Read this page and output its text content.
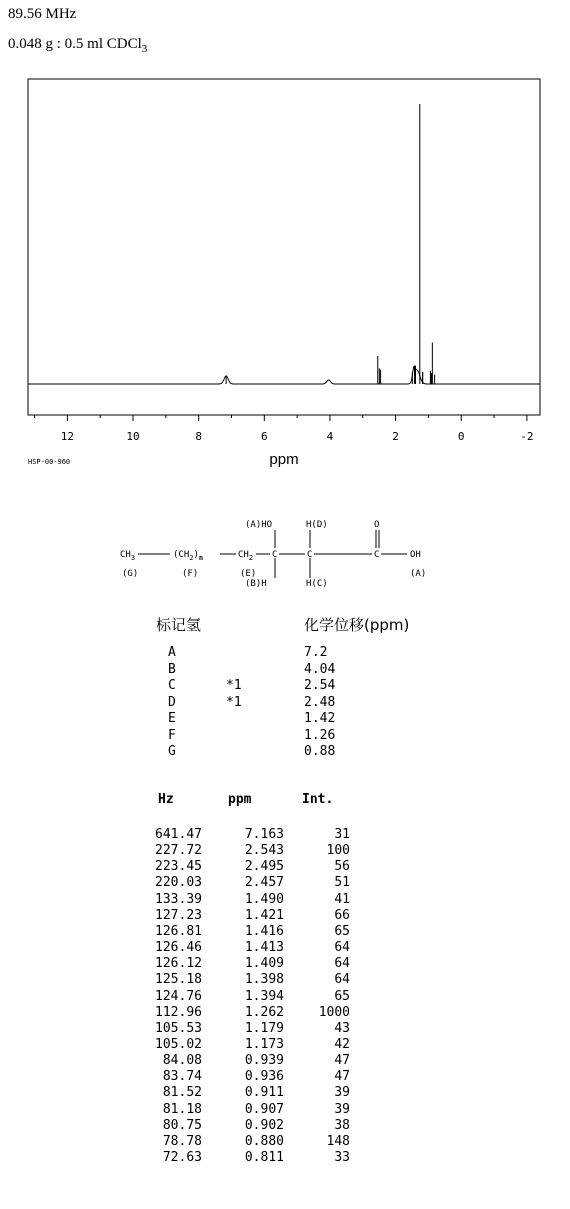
89.56 MHz
0.048 g : 0.5 ml CDCl$_3$
12	10	8	6	4	2	0	-2
ppm
HSP-00-960
(A)HO	H(D)	O
$CH_3$	$(CH_2)_n$	$CH_2$ C	C	C	OH
(G)	(F)	(E)	(A)
(B)H	H(C)
标记氢	化学位移(ppm)
A	7.2
B	4.04
C	*1	2.54
D	*1	2.48
E	1.42
F	1.26
G	0.88
Hz	ppm	Int.
641.47	7.163	31
227.72	2.543	100
223.45	2.495	56
220.03	2.457	51
133.39	1.490	41
127.23	1.421	66
126.81	1.416	65
126.46	1.413	64
126.12	1.409	64
125.18	1.398	64
124.76	1.394	65
112.96	1.262	1000
105.53	1.179	43
105.02	1.173	42
84.08	0.939	47
83.74	0.936	47
81.52	0.911	39
81.18	0.907	39
80.75	0.902	38
78.78	0.880	148
72.63	0.811	33
